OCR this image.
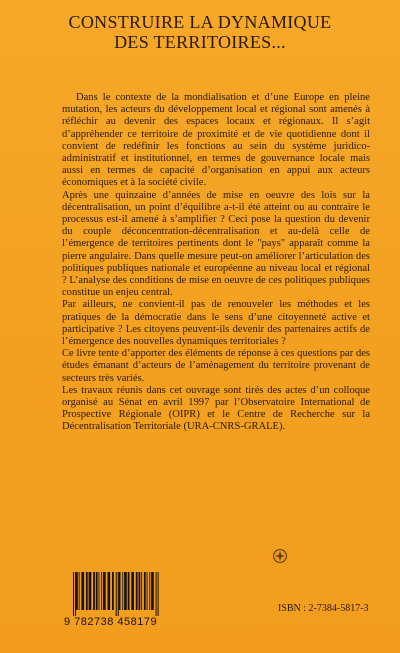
CONSTRUIRE LA DYNAMIQUE
DES TERRITOIRES...

Dans le contexte de la mondialisation et d’une Europe en pleine mutation, les acteurs du développement local et régional sont amenés à réfléchir au devenir des espaces locaux et régionaux. Il s’agit d’appréhender ce territoire de proximité et de vie quotidienne dont il convient de redéfinir les fonctions au sein du système juridico-administratif et institutionnel, en termes de gouvernance locale mais aussi en termes de capacité d’organisation en appui aux acteurs économiques et à la société civile.

Après une quinzaine d’années de mise en oeuvre des lois sur la décentralisation, un point d’équilibre a-t-il été atteint ou au contraire le processus est-il amené à s’amplifier ? Ceci pose la question du devenir du couple déconcentration-décentralisation et au-delà celle de l’émergence de territoires pertinents dont le "pays" apparaît comme la pierre angulaire. Dans quelle mesure peut-on améliorer l’articulation des politiques publiques nationale et européenne au niveau local et régional ? L’analyse des conditions de mise en oeuvre de ces politiques publiques constitue un enjeu central.

Par ailleurs, ne convient-il pas de renouveler les méthodes et les pratiques de la démocratie dans le sens d’une citoyenneté active et participative ? Les citoyens peuvent-ils devenir des partenaires actifs de l’émergence des nouvelles dynamiques territoriales ?

Ce livre tente d’apporter des éléments de réponse à ces questions par des études émanant d’acteurs de l’aménagement du territoire provenant de secteurs très variés.

Les travaux réunis dans cet ouvrage sont tirés des actes d’un colloque organisé au Sénat en avril 1997 par l’Observatoire International de Prospective Régionale (OIPR) et le Centre de Recherche sur la Décentralisation Territoriale (URA-CNRS-GRALE).

9 782738 458179
ISBN : 2-7384-5817-3
